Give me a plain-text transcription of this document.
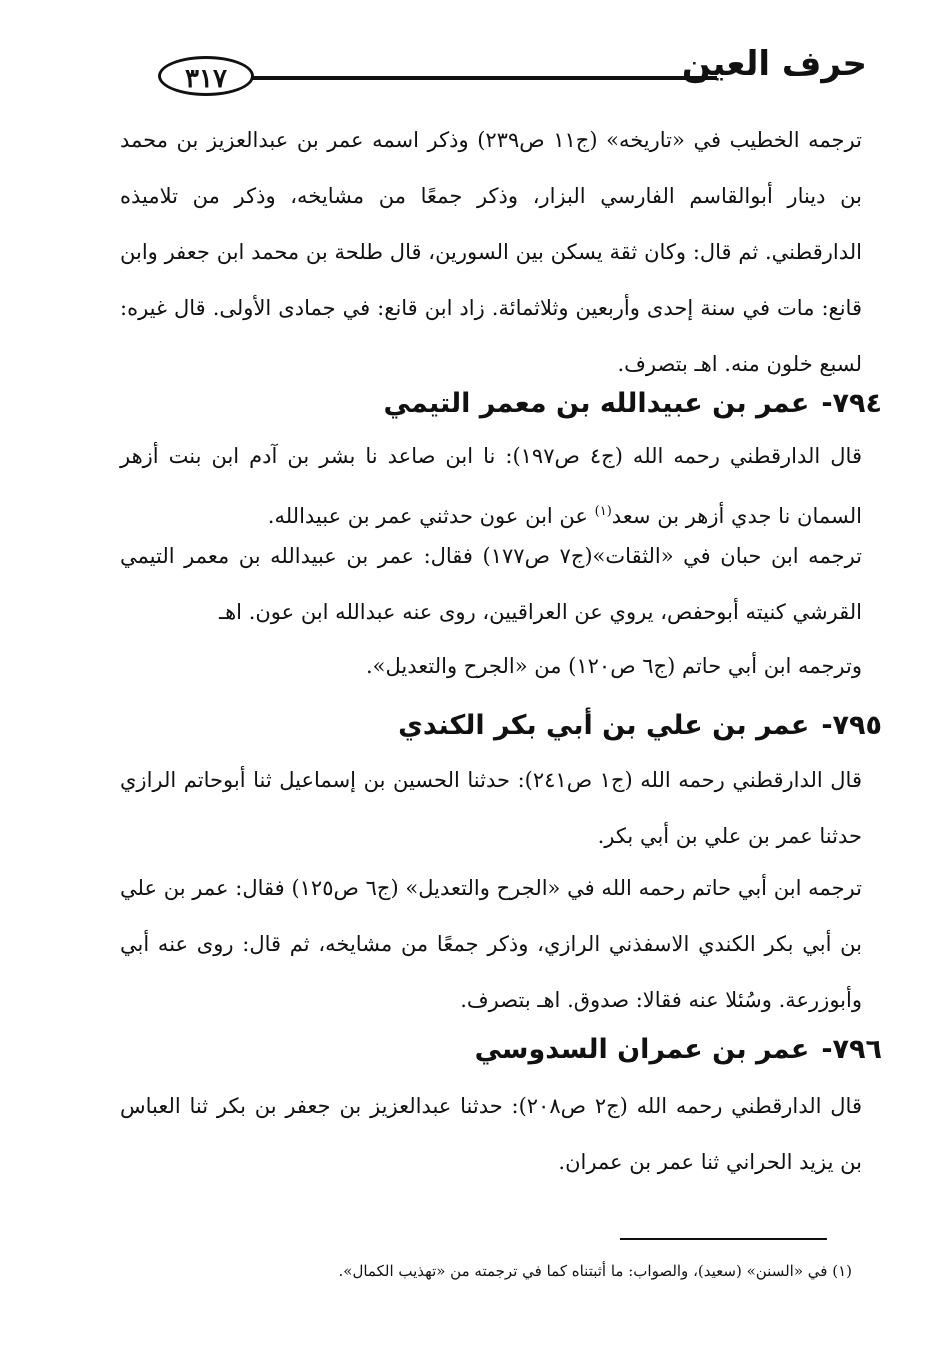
حرف العين
٣١٧
ترجمه الخطيب في «تاريخه» (ج١١ ص٢٣٩) وذكر اسمه عمر بن عبدالعزيز بن محمد بن دينار أبوالقاسم الفارسي البزار، وذكر جمعًا من مشايخه، وذكر من تلاميذه الدارقطني. ثم قال: وكان ثقة يسكن بين السورين، قال طلحة بن محمد ابن جعفر وابن قانع: مات في سنة إحدى وأربعين وثلاثمائة. زاد ابن قانع: في جمادى الأولى. قال غيره: لسبع خلون منه. اهـ بتصرف.
٧٩٤-عمر بن عبيدالله بن معمر التيمي
قال الدارقطني رحمه الله (ج٤ ص١٩٧): نا ابن صاعد نا بشر بن آدم ابن بنت أزهر السمان نا جدي أزهر بن سعد$^{(١)}$ عن ابن عون حدثني عمر بن عبيدالله.
ترجمه ابن حبان في «الثقات»(ج٧ ص١٧٧) فقال: عمر بن عبيدالله بن معمر التيمي القرشي كنيته أبوحفص، يروي عن العراقيين، روى عنه عبدالله ابن عون. اهـ
وترجمه ابن أبي حاتم (ج٦ ص١٢٠) من «الجرح والتعديل».
٧٩٥-عمر بن علي بن أبي بكر الكندي
قال الدارقطني رحمه الله (ج١ ص٢٤١): حدثنا الحسين بن إسماعيل ثنا أبوحاتم الرازي حدثنا عمر بن علي بن أبي بكر.
ترجمه ابن أبي حاتم رحمه الله في «الجرح والتعديل» (ج٦ ص١٢٥) فقال: عمر بن علي بن أبي بكر الكندي الاسفذني الرازي، وذكر جمعًا من مشايخه، ثم قال: روى عنه أبي وأبوزرعة. وسُئلا عنه فقالا: صدوق. اهـ بتصرف.
٧٩٦-عمر بن عمران السدوسي
قال الدارقطني رحمه الله (ج٢ ص٢٠٨): حدثنا عبدالعزيز بن جعفر بن بكر ثنا العباس بن يزيد الحراني ثنا عمر بن عمران.
(١) في «السنن» (سعيد)، والصواب: ما أثبتناه كما في ترجمته من «تهذيب الكمال».
